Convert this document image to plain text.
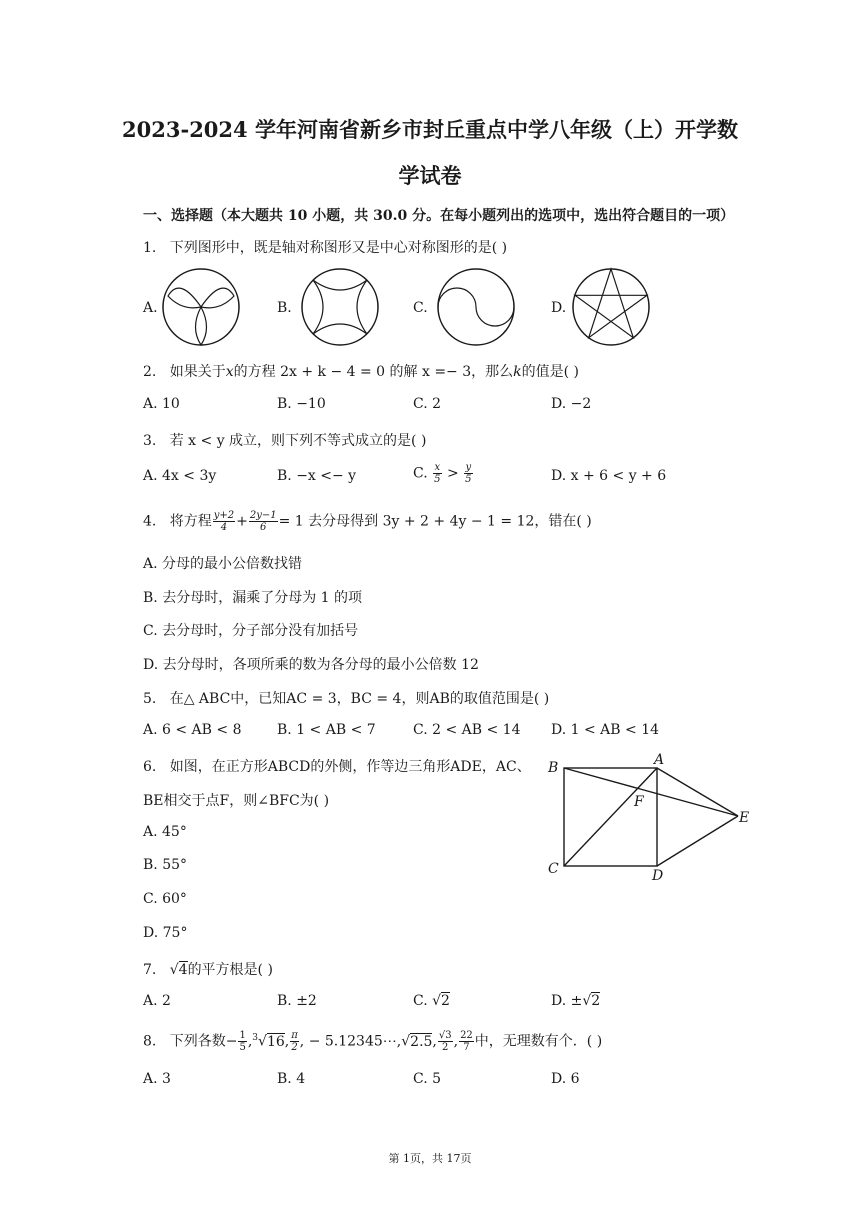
2023-2024 学年河南省新乡市封丘重点中学八年级（上）开学数
学试卷
一、选择题（本大题共 10 小题，共 30.0 分。在每小题列出的选项中，选出符合题目的一项）
1. 下列图形中，既是轴对称图形又是中心对称图形的是( )
A.	B.	C.	D.
2. 如果关于x的方程 2x + k − 4 = 0 的解 x =− 3，那么k的值是( )
A. 10	B. −10	C. 2	D. −2
3. 若 x < y 成立，则下列不等式成立的是( )
A. 4x < 3y	B. −x <− y	C. $\frac{x}{5} > \frac{y}{5}$	D. x + 6 < y + 6
4. 将方程 $\frac{y+2}{4} + \frac{2y-1}{6} = 1$ 去分母得到 3y + 2 + 4y − 1 = 12，错在( )
A. 分母的最小公倍数找错
B. 去分母时，漏乘了分母为 1 的项
C. 去分母时，分子部分没有加括号
D. 去分母时，各项所乘的数为各分母的最小公倍数 12
5. 在△ ABC中，已知AC = 3，BC = 4，则AB的取值范围是( )
A. 6 < AB < 8	B. 1 < AB < 7	C. 2 < AB < 14 D. 1 < AB < 14
6. 如图，在正方形ABCD的外侧，作等边三角形ADE，AC、
BE相交于点F，则∠BFC为( )
A. 45°
B. 55°
C. 60°
D. 75°
B	A
F
E
C	D
7. √4的平方根是( )
A. 2	B. ±2	C. √2	D. ±√2
8. 下列各数− $\frac{1}{5} ,^3√16$, $\frac{\pi}{2}$ , − 5.12345⋯,√2.5, $\frac{√3}{2}$ , $\frac{22}{7}$ 中，无理数有个．( )
A. 3	B. 4	C. 5	D. 6
第 1页，共 17页
